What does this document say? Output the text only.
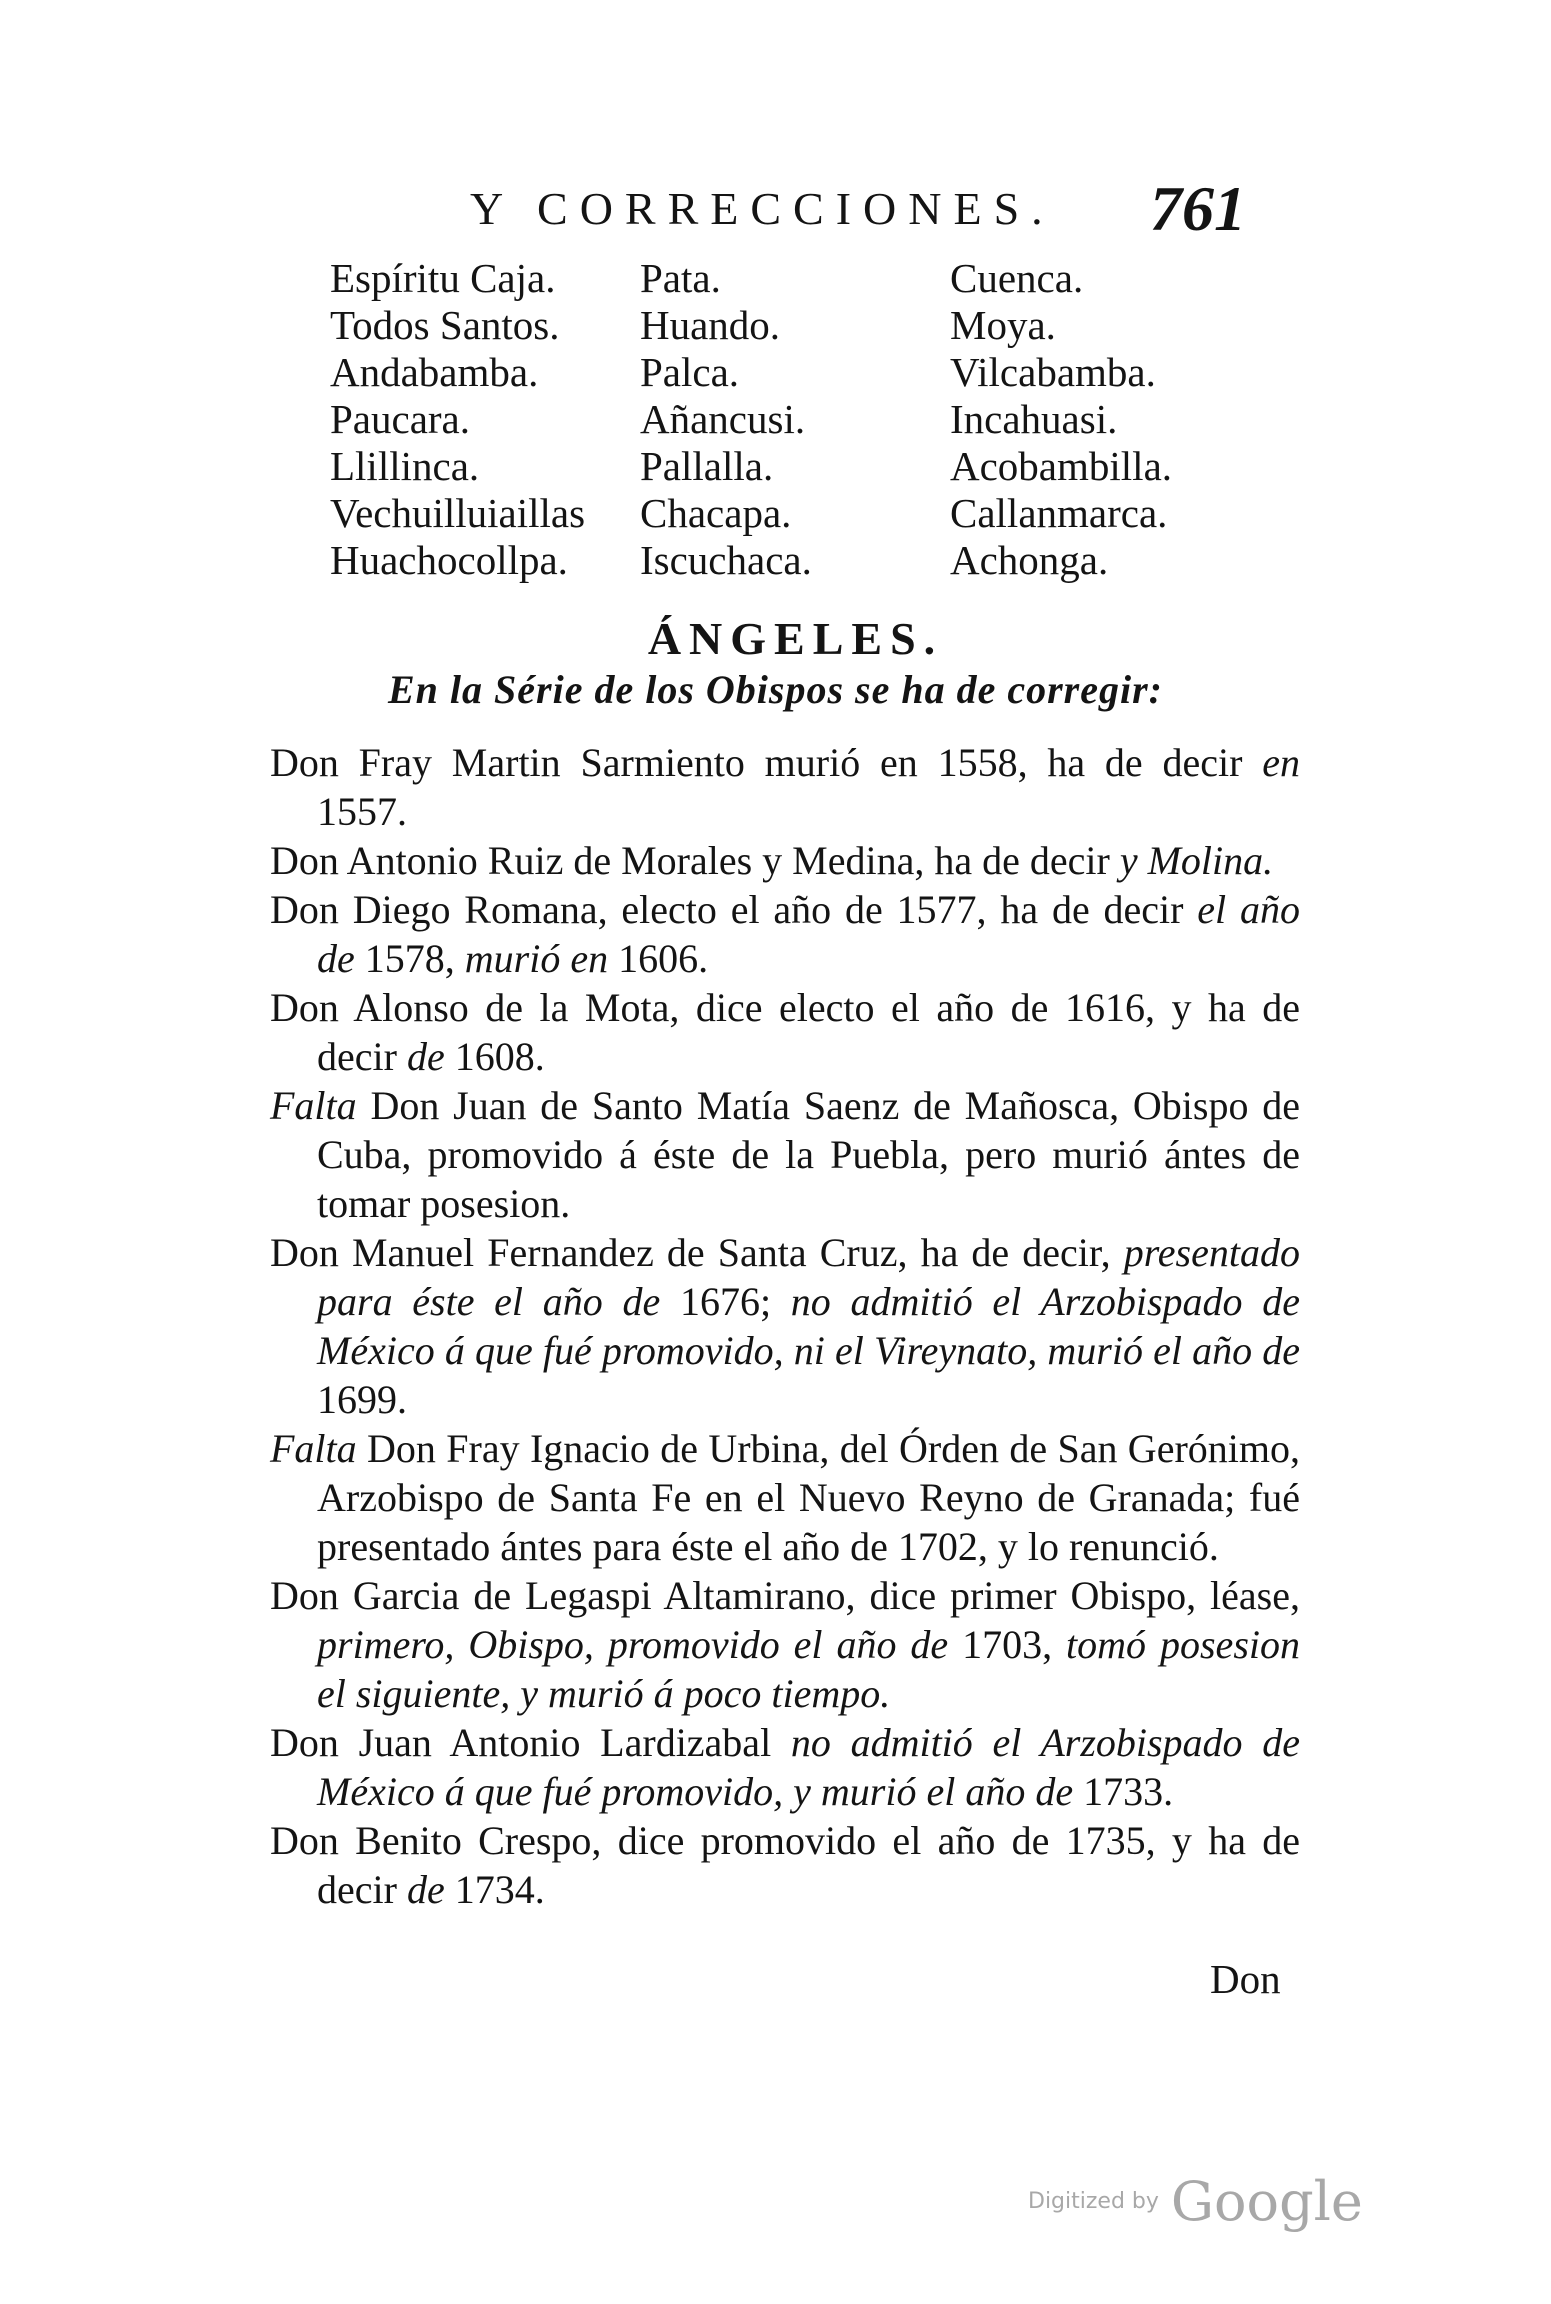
Y CORRECCIONES. 761
Espíritu Caja.
Todos Santos.
Andabamba.
Paucara.
Llillinca.
Vechuilluiaillas
Huachocollpa.
Pata.
Huando.
Palca.
Añancusi.
Pallalla.
Chacapa.
Iscuchaca.
Cuenca.
Moya.
Vilcabamba.
Incahuasi.
Acobambilla.
Callanmarca.
Achonga.
ÁNGELES.
En la Série de los Obispos se ha de corregir:

Don Fray Martin Sarmiento murió en 1558, ha de decir en 1557.

Don Antonio Ruiz de Morales y Medina, ha de decir y Molina.

Don Diego Romana, electo el año de 1577, ha de decir el año de 1578, murió en 1606.

Don Alonso de la Mota, dice electo el año de 1616, y ha de decir de 1608.

Falta Don Juan de Santo Matía Saenz de Mañosca, Obispo de Cuba, promovido á éste de la Puebla, pero murió ántes de tomar posesion.

Don Manuel Fernandez de Santa Cruz, ha de decir, presentado para éste el año de 1676; no admitió el Arzobispado de México á que fué promovido, ni el Vireynato, murió el año de 1699.

Falta Don Fray Ignacio de Urbina, del Órden de San Gerónimo, Arzobispo de Santa Fe en el Nuevo Reyno de Granada; fué presentado ántes para éste el año de 1702, y lo renunció.

Don Garcia de Legaspi Altamirano, dice primer Obispo, léase, primero, Obispo, promovido el año de 1703, tomó posesion el siguiente, y murió á poco tiempo.

Don Juan Antonio Lardizabal no admitió el Arzobispado de México á que fué promovido, y murió el año de 1733.

Don Benito Crespo, dice promovido el año de 1735, y ha de decir de 1734.

Don
Digitized by Google
